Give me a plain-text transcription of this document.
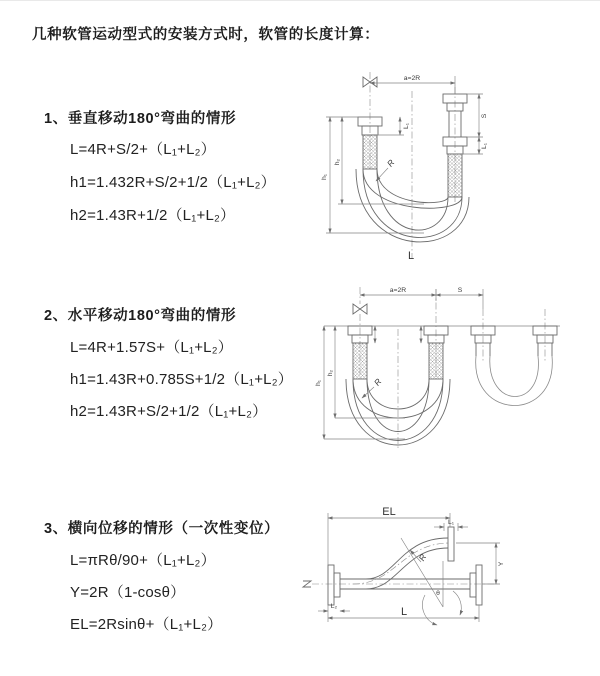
几种软管运动型式的安装方式时，软管的长度计算：
1、垂直移动180°弯曲的情形
L=4R+S/2+（L₁+L₂）
h1=1.432R+S/2+1/2（L₁+L₂）
h2=1.43R+1/2（L₁+L₂）
2、水平移动180°弯曲的情形
L=4R+1.57S+（L₁+L₂）
h1=1.43R+0.785S+1/2（L₁+L₂）
h2=1.43R+S/2+1/2（L₁+L₂）
3、横向位移的情形（一次性变位）
L=πRθ/90+（L₁+L₂）
Y=2R（1-cosθ）
EL=2Rsinθ+（L₁+L₂）
a=2R
h₁
h₂
L₁
S
L₁
R
L
a=2R	S
h₁
h₂
R
θ
EL
L₁
Y
R
L₂	L
